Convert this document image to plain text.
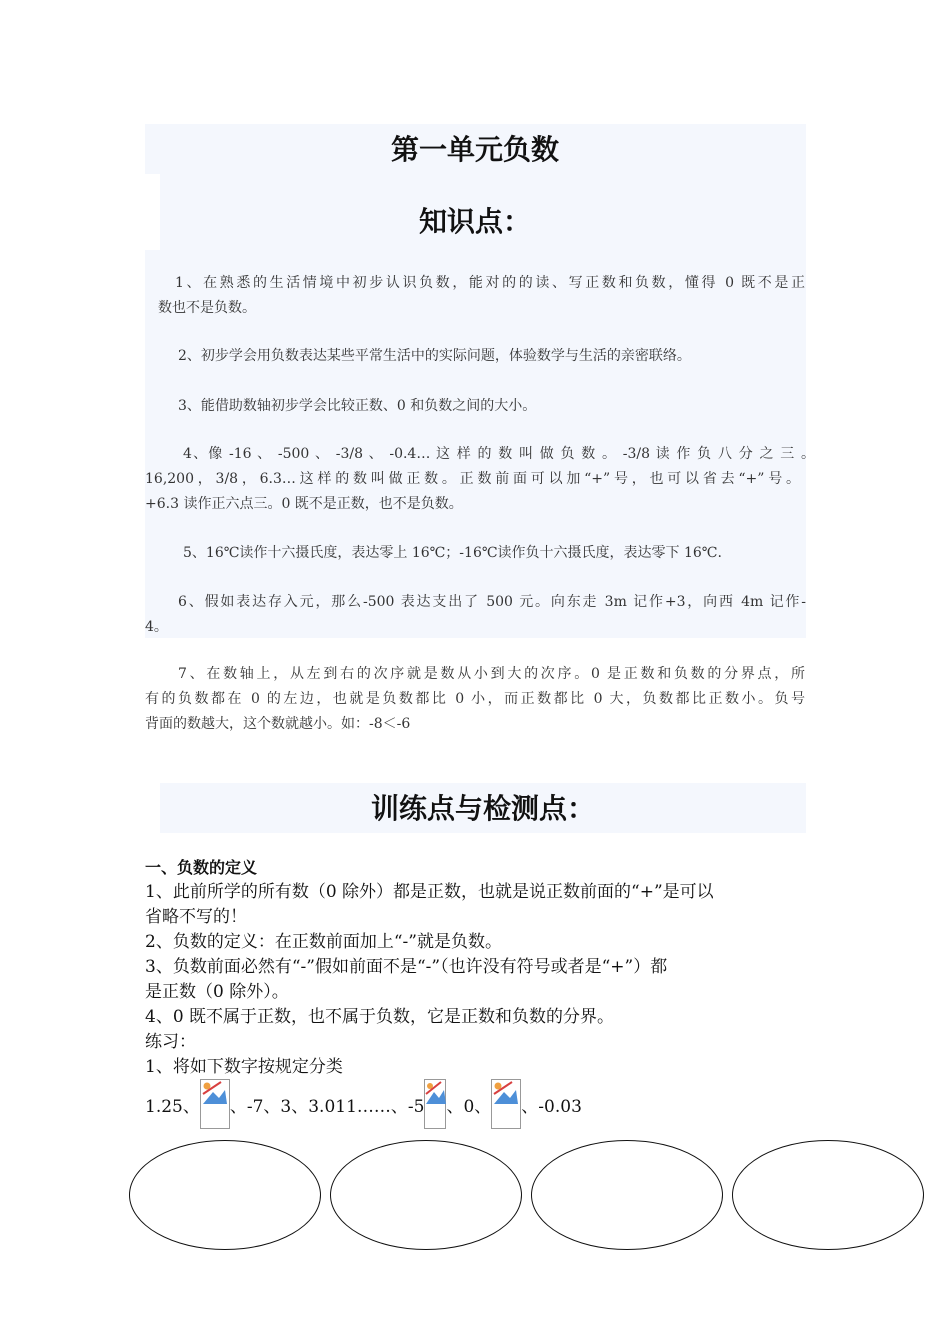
第一单元负数
知识点：
1、在熟悉的生活情境中初步认识负数，能对的的读、写正数和负数，懂得 0 既不是正
数也不是负数。
2、初步学会用负数表达某些平常生活中的实际问题，体验数学与生活的亲密联络。
3、能借助数轴初步学会比较正数、0 和负数之间的大小。
4、像 -16 、 -500 、 -3/8 、 -0.4… 这 样 的 数 叫 做 负 数 。 -3/8 读 作 负 八 分 之 三 。
16,200，3/8，6.3…这样的数叫做正数。正数前面可以加“+”号，也可以省去“+”号。
+6.3 读作正六点三。0 既不是正数，也不是负数。
5、16℃读作十六摄氏度，表达零上 16℃；-16℃读作负十六摄氏度，表达零下 16℃.
6、假如表达存入元，那么-500 表达支出了 500 元。向东走 3m 记作+3，向西 4m 记作-
4。
7、在数轴上，从左到右的次序就是数从小到大的次序。0 是正数和负数的分界点，所
有的负数都在 0 的左边，也就是负数都比 0 小，而正数都比 0 大，负数都比正数小。负号
背面的数越大，这个数就越小。如：-8＜-6
训练点与检测点：
一、负数的定义
1、此前所学的所有数（0 除外）都是正数，也就是说正数前面的“+”是可以
省略不写的！
2、负数的定义：在正数前面加上“-”就是负数。
3、负数前面必然有“-”假如前面不是“-”（也许没有符号或者是“+”）都
是正数（0 除外）。
4、0 既不属于正数，也不属于负数，它是正数和负数的分界。
练习：
1、将如下数字按规定分类
1.25、 、-7、3、3.011……、-5 、0、 、-0.03
